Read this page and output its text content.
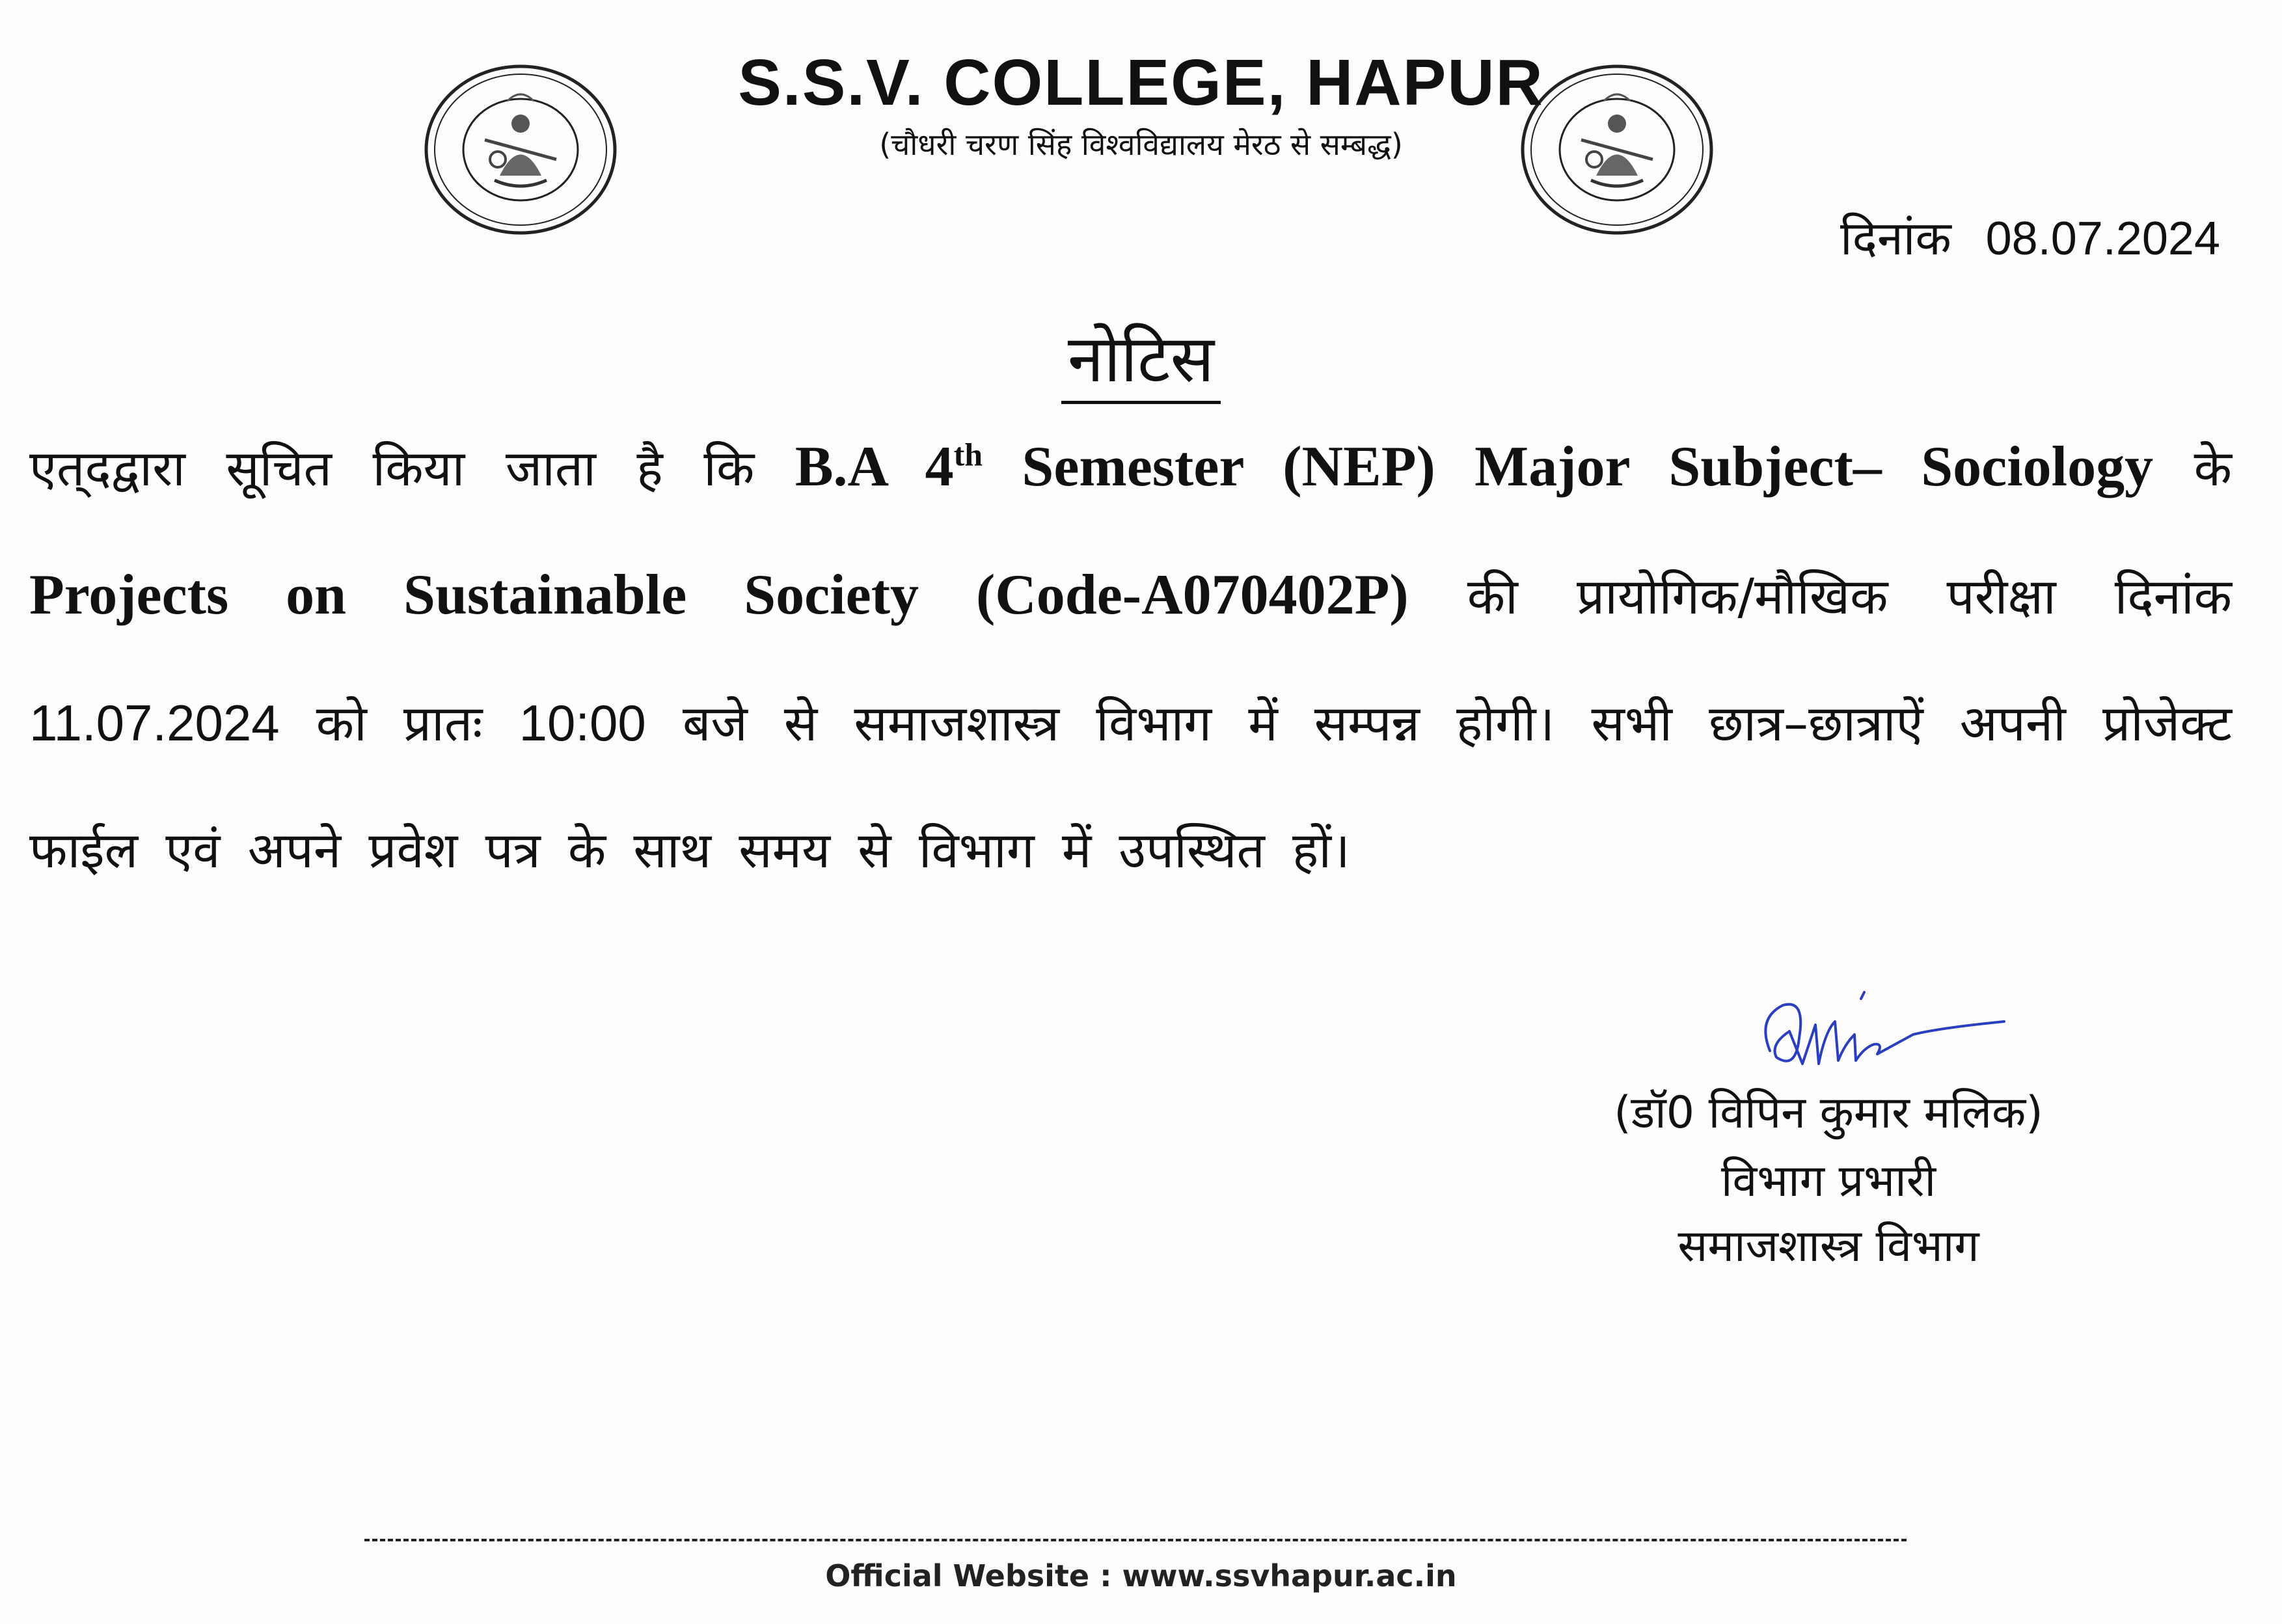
S.S.V. COLLEGE, HAPUR
(चौधरी चरण सिंह विश्वविद्यालय मेरठ से सम्बद्ध)
दिनांक 08.07.2024
नोटिस
एत्‌दद्वारा सूचित किया जाता है कि B.A 4th Semester (NEP) Major Subject– Sociology के Projects on Sustainable Society (Code-A070402P) की प्रायोगिक/मौखिक परीक्षा दिनांक 11.07.2024 को प्रातः 10:00 बजे से समाजशास्त्र विभाग में सम्पन्न होगी। सभी छात्र–छात्राऐं अपनी प्रोजेक्ट फाईल एवं अपने प्रवेश पत्र के साथ समय से विभाग में उपस्थित हों।
(डॉ0 विपिन कुमार मलिक)
विभाग प्रभारी
समाजशास्त्र विभाग
Official Website : www.ssvhapur.ac.in
